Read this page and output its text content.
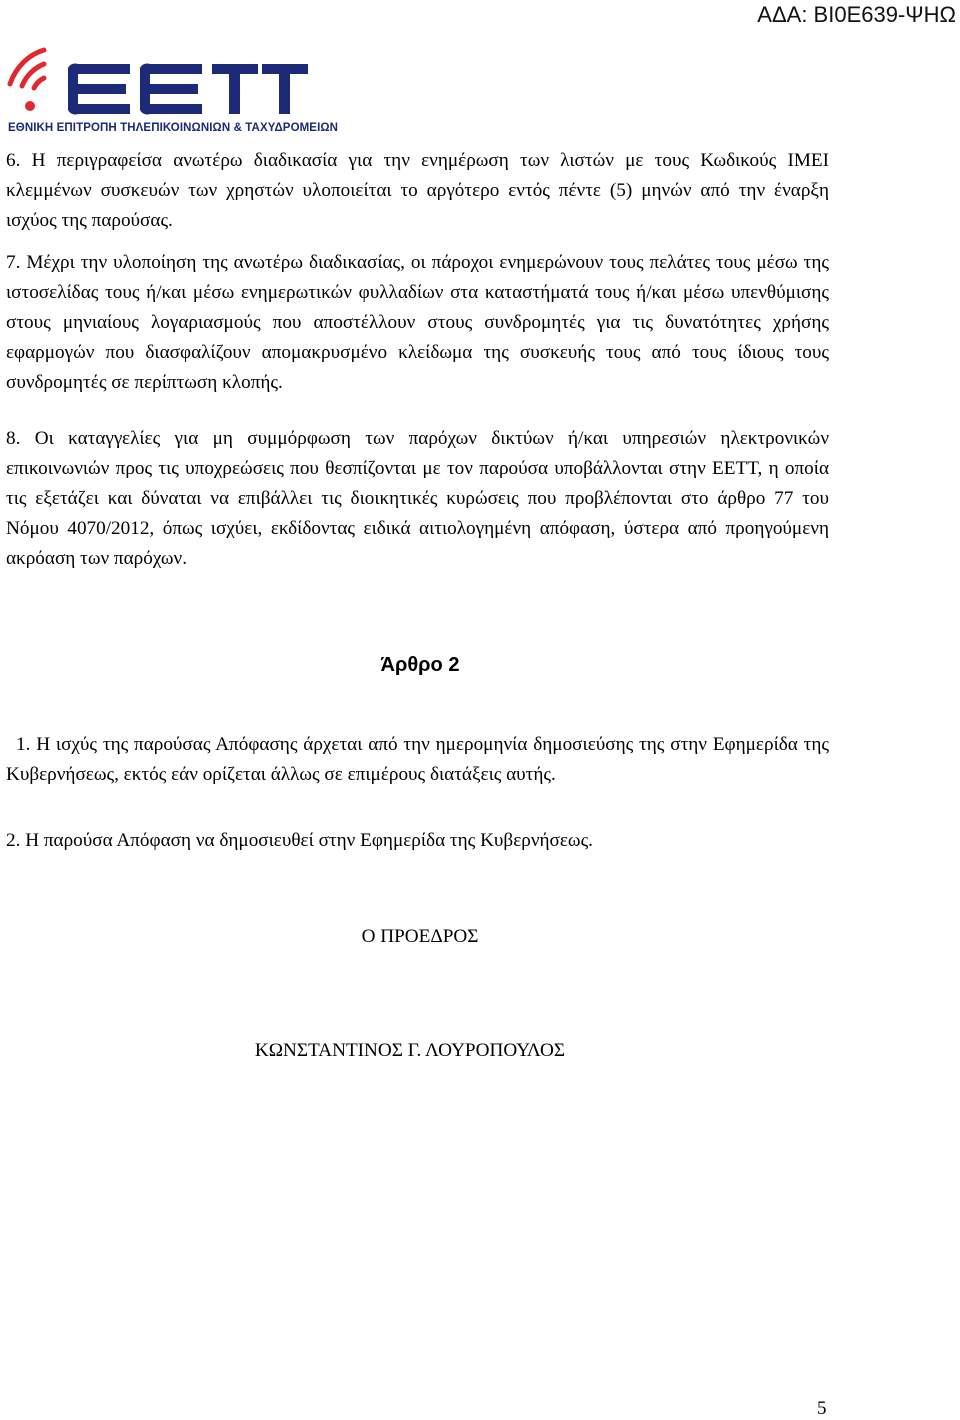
ΑΔΑ: ΒΙ0Ε639-ΨΗΩ
ΕΘΝΙΚΗ ΕΠΙΤΡΟΠΗ ΤΗΛΕΠΙΚΟΙΝΩΝΙΩΝ & ΤΑΧΥΔΡΟΜΕΙΩΝ

6. Η περιγραφείσα ανωτέρω διαδικασία για την ενημέρωση των λιστών με τους Κωδικούς IMEI κλεμμένων συσκευών των χρηστών υλοποιείται το αργότερο εντός πέντε (5) μηνών από την έναρξη ισχύος της παρούσας.

7. Μέχρι την υλοποίηση της ανωτέρω διαδικασίας, οι πάροχοι ενημερώνουν τους πελάτες τους μέσω της ιστοσελίδας τους ή/και μέσω ενημερωτικών φυλλαδίων στα καταστήματά τους ή/και μέσω υπενθύμισης στους μηνιαίους λογαριασμούς που αποστέλλουν στους συνδρομητές για τις δυνατότητες χρήσης εφαρμογών που διασφαλίζουν απομακρυσμένο κλείδωμα της συσκευής τους από τους ίδιους τους συνδρομητές σε περίπτωση κλοπής.

8. Οι καταγγελίες για μη συμμόρφωση των παρόχων δικτύων ή/και υπηρεσιών ηλεκτρονικών επικοινωνιών προς τις υποχρεώσεις που θεσπίζονται με τον παρούσα υποβάλλονται στην ΕΕΤΤ, η οποία τις εξετάζει και δύναται να επιβάλλει τις διοικητικές κυρώσεις που προβλέπονται στο άρθρο 77 του Νόμου 4070/2012, όπως ισχύει, εκδίδοντας ειδικά αιτιολογημένη απόφαση, ύστερα από προηγούμενη ακρόαση των παρόχων.

Άρθρο 2

1. Η ισχύς της παρούσας Απόφασης άρχεται από την ημερομηνία δημοσιεύσης της στην Εφημερίδα της Κυβερνήσεως, εκτός εάν ορίζεται άλλως σε επιμέρους διατάξεις αυτής.

2. Η παρούσα Απόφαση να δημοσιευθεί στην Εφημερίδα της Κυβερνήσεως.

Ο ΠΡΟΕΔΡΟΣ
ΚΩΝΣΤΑΝΤΙΝΟΣ Γ. ΛΟΥΡΟΠΟΥΛΟΣ
5
